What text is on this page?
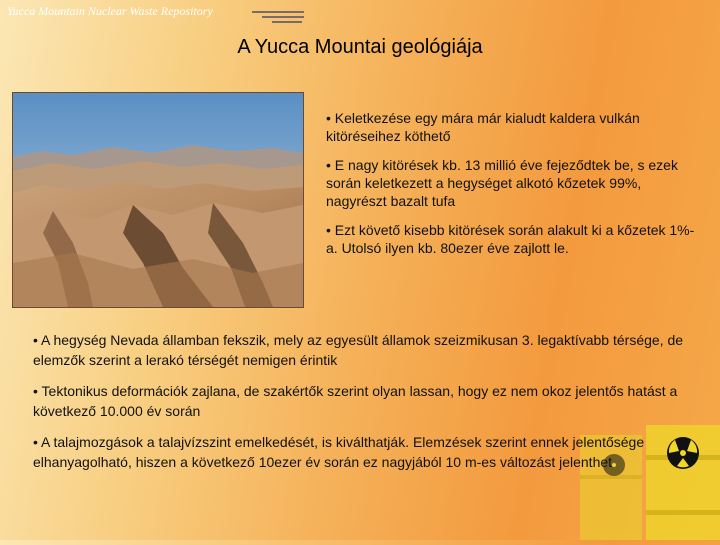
Yucca Mountain Nuclear Waste Repository
A Yucca Mountai geológiája

• Keletkezése egy mára már kialudt kaldera vulkán kitöréseihez köthető

• E nagy kitörések kb. 13 millió éve fejeződtek be, s ezek során keletkezett a hegységet alkotó kőzetek 99%, nagyrészt bazalt tufa

• Ezt követő kisebb kitörések során alakult ki a kőzetek 1%-a. Utolsó ilyen kb. 80ezer éve zajlott le.

• A hegység Nevada államban fekszik, mely az egyesült államok szeizmikusan 3. legaktívabb térsége, de elemzők szerint a lerakó térségét nemigen érintik

• Tektonikus deformációk zajlana, de szakértők szerint olyan lassan, hogy ez nem okoz jelentős hatást a következő 10.000 év során

• A talajmozgások a talajvízszint emelkedését, is kiválthatják. Elemzések szerint ennek jelentősége elhanyagolható, hiszen a következő 10ezer év során ez nagyjából 10 m-es változást jelenthet
